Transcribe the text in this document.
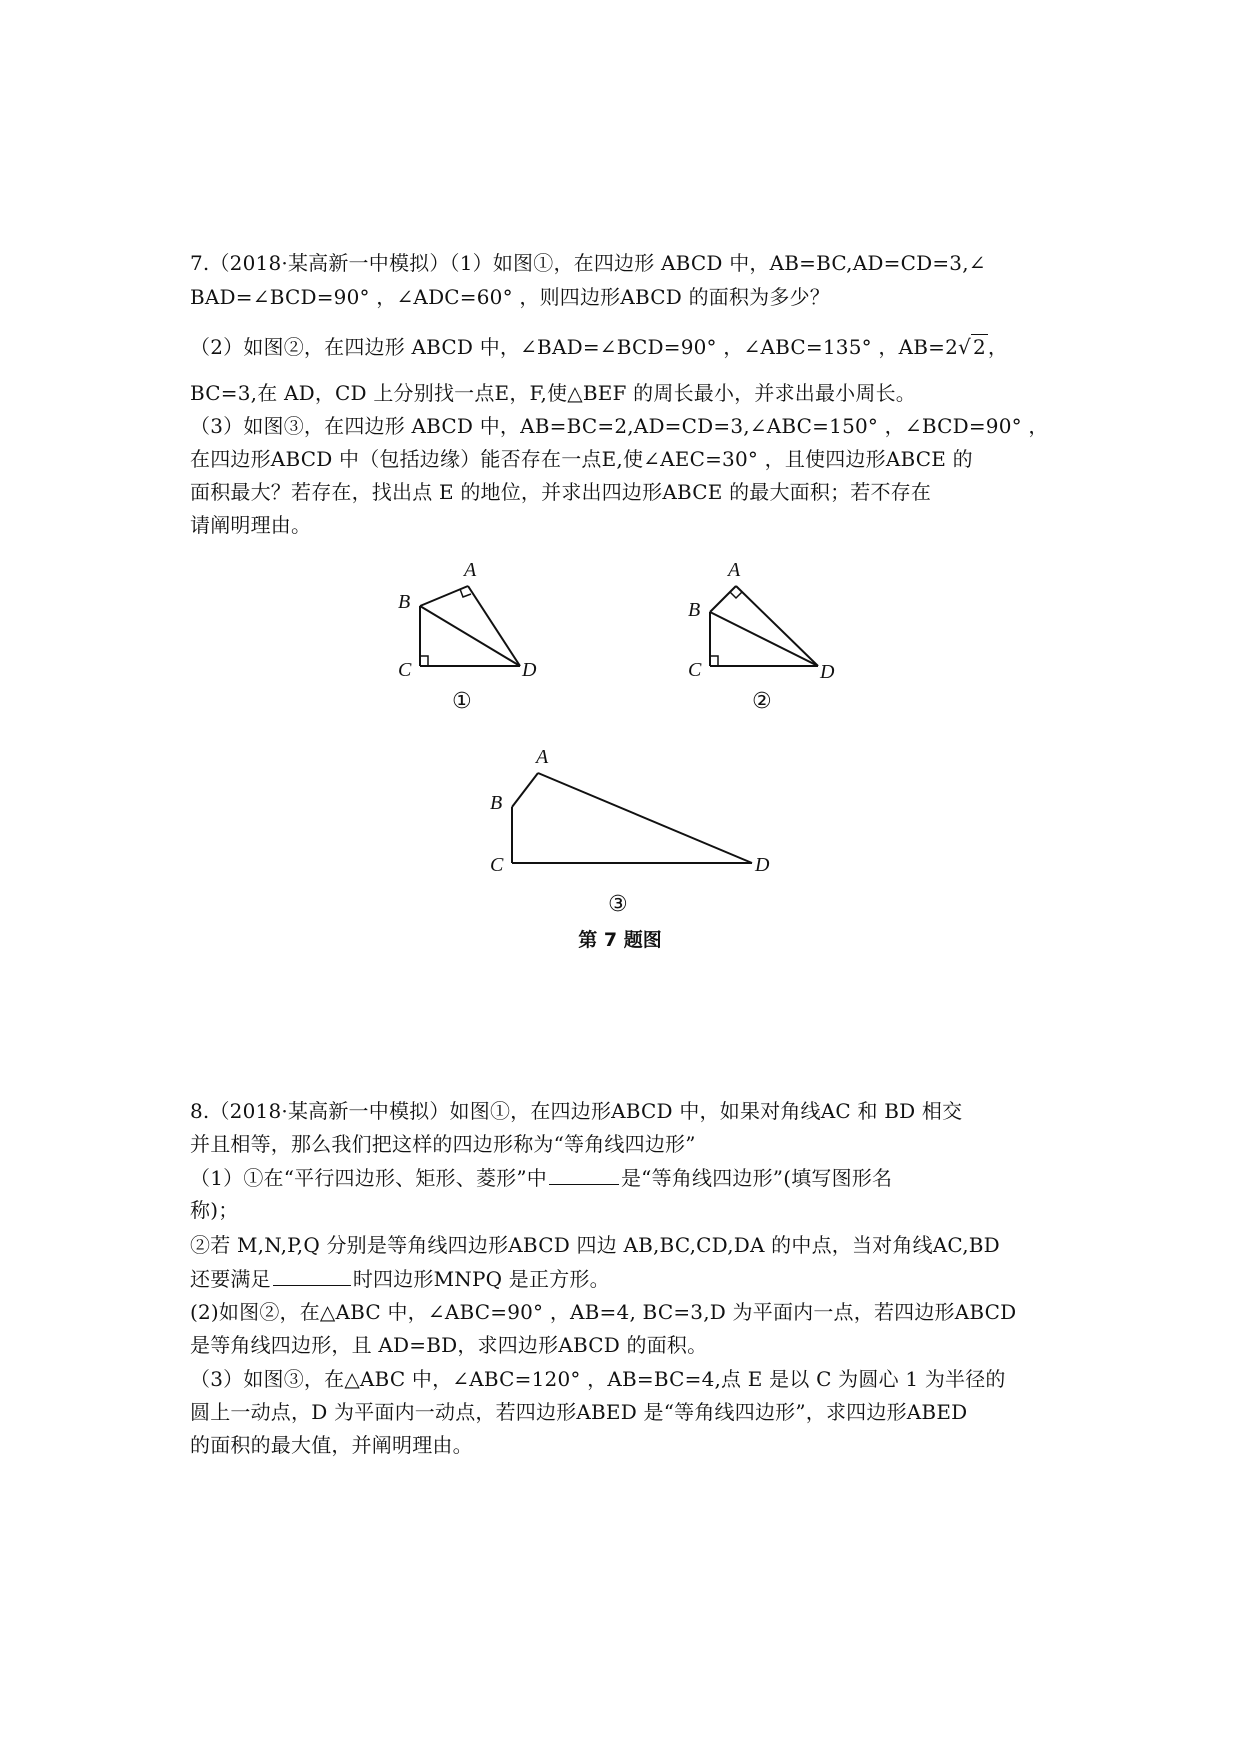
7.（2018·某高新一中模拟）（1）如图①，在四边形 ABCD 中，AB=BC,AD=CD=3,∠
BAD=∠BCD=90° ，∠ADC=60° ，则四边形ABCD 的面积为多少？
（2）如图②，在四边形 ABCD 中，∠BAD=∠BCD=90° ，∠ABC=135° ，AB=2√ 2 ，
BC=3,在 AD，CD 上分别找一点E，F,使△BEF 的周长最小，并求出最小周长。
（3）如图③，在四边形 ABCD 中，AB=BC=2,AD=CD=3,∠ABC=150° ，∠BCD=90° ，
在四边形ABCD 中（包括边缘）能否存在一点E,使∠AEC=30° ，且使四边形ABCE 的
面积最大？若存在，找出点 E 的地位，并求出四边形ABCE 的最大面积；若不存在
请阐明理由。
A
B
C	D
①
A
B
C	D
②
A
B
C	D
③
第 7 题图
8.（2018·某高新一中模拟）如图①，在四边形ABCD 中，如果对角线AC 和 BD 相交
并且相等，那么我们把这样的四边形称为“等角线四边形”
（1）①在“平行四边形、矩形、菱形”中	是“等角线四边形”(填写图形名
称)；
②若 M,N,P,Q 分别是等角线四边形ABCD 四边 AB,BC,CD,DA 的中点，当对角线AC,BD
还要满足	时四边形MNPQ 是正方形。
(2)如图②，在△ABC 中，∠ABC=90° ，AB=4, BC=3,D 为平面内一点，若四边形ABCD
是等角线四边形，且 AD=BD，求四边形ABCD 的面积。
（3）如图③，在△ABC 中，∠ABC=120° ，AB=BC=4,点 E 是以 C 为圆心 1 为半径的
圆上一动点，D 为平面内一动点，若四边形ABED 是“等角线四边形”，求四边形ABED
的面积的最大值，并阐明理由。
